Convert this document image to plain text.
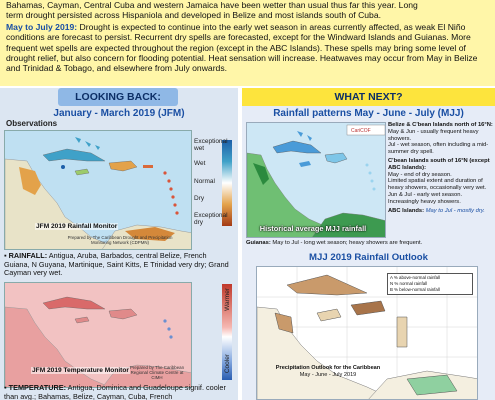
Bahamas, Cayman, Central Cuba and western Jamaica have been wetter than usual thus far this year. Long

term drought persisted across Hispaniola and developed in Belize and most islands south of Cuba.

May to July 2019: Drought is expected to continue into the early wet season in areas currently affected, as weak El Niño conditions are forecast to persist. Recurrent dry spells are forecasted, except for the Windward Islands and Guianas. More frequent wet spells are expected throughout the region (except in the ABC Islands). These spells may bring some level of drought relief, but also concern for flooding potential. Heat sensation will increase. Heatwaves may occur from May in Belize and Trinidad & Tobago, and elsewhere from July onwards.

LOOKING BACK:
January - March 2019 (JFM)
Observations
JFM 2019 Rainfall Monitor
Prepared by The Caribbean Drought and Precipitation Monitoring Network (CDPMN)
Exceptional wet
Wet
Normal
Dry
Exceptional dry
▪ RAINFALL: Antigua, Aruba, Barbados, central Belize, French Guiana, N Guyana, Martinique, Saint Kitts, E Trinidad very dry; Grand Cayman very wet.
JFM 2019 Temperature Monitor Prepared by The Caribbean Regional Climate Centre at CIMH
Warmer
Cooler
▪ TEMPERATURE: Antigua, Dominica and Guadeloupe signif. cooler than avg.; Bahamas, Belize, Cayman, Cuba, French
WHAT NEXT?
Rainfall patterns May - June - July (MJJ)
CariCOF
Historical average MJJ rainfall
Belize & C'bean Islands north of 16°N:
May & Jun - usually frequent heavy showers.
Jul - wet season, often including a mid-summer dry spell.
C'bean Islands south of 16°N (except ABC Islands):
May - end of dry season.
Limited spatial extent and duration of heavy showers, occasionally very wet.
Jun & Jul - early wet season. Increasingly heavy showers.
ABC Islands: May to Jul - mostly dry.
Guianas: May to Jul - long wet season; heavy showers are frequent.
MJJ 2019 Rainfall Outlook
A % above-normal rainfall
N % normal rainfall
B % below-normal rainfall
Precipitation Outlook for the Caribbean
May - June - July 2019
